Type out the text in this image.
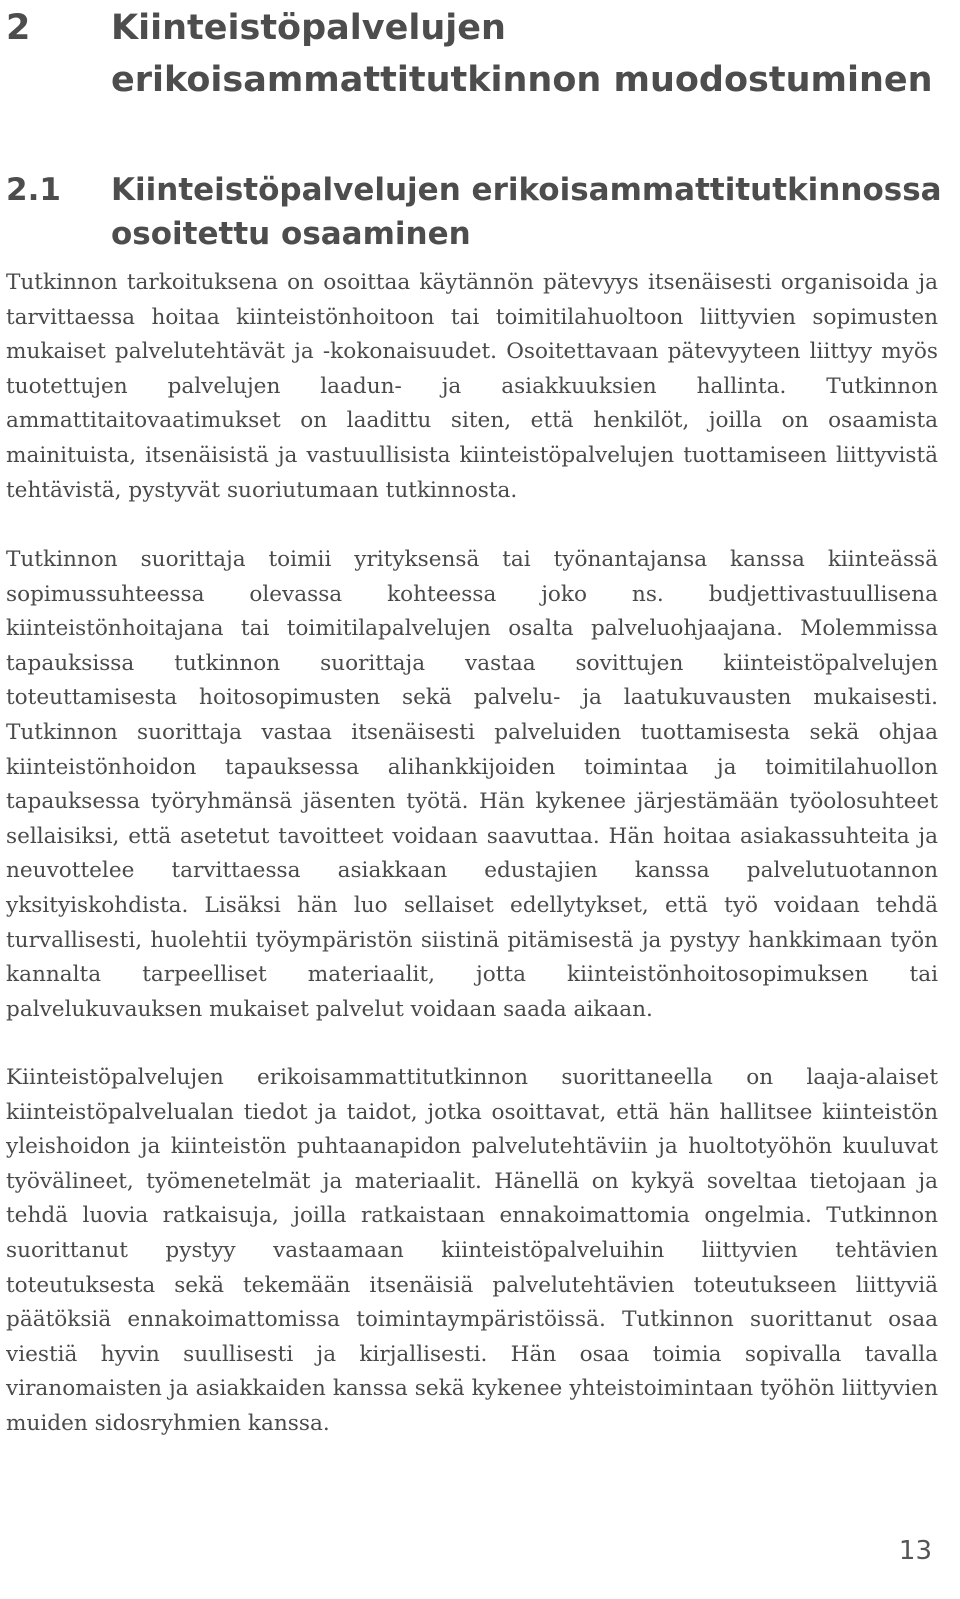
2	Kiinteistöpalvelujen erikoisammattitutkinnon muodostuminen
2.1	Kiinteistöpalvelujen erikoisammattitutkinnossa osoitettu osaaminen

Tutkinnon tarkoituksena on osoittaa käytännön pätevyys itsenäisesti organisoida ja tarvittaessa hoitaa kiinteistönhoitoon tai toimitilahuoltoon liittyvien sopimusten mukaiset palvelutehtävät ja -kokonaisuudet. Osoitettavaan pätevyyteen liittyy myös tuotettujen palvelujen laadun- ja asiakkuuksien hallinta. Tutkinnon ammattitaitovaatimukset on laadittu siten, että henkilöt, joilla on osaamista mainituista, itsenäisistä ja vastuullisista kiinteistöpalvelujen tuottamiseen liittyvistä tehtävistä, pystyvät suoriutumaan tutkinnosta.

Tutkinnon suorittaja toimii yrityksensä tai työnantajansa kanssa kiinteässä sopimussuhteessa olevassa kohteessa joko ns. budjettivastuullisena kiinteistönhoitajana tai toimitilapalvelujen osalta palveluohjaajana. Molemmissa tapauksissa tutkinnon suorittaja vastaa sovittujen kiinteistöpalvelujen toteuttamisesta hoitosopimusten sekä palvelu- ja laatukuvausten mukaisesti. Tutkinnon suorittaja vastaa itsenäisesti palveluiden tuottamisesta sekä ohjaa kiinteistönhoidon tapauksessa alihankkijoiden toimintaa ja toimitilahuollon tapauksessa työryhmänsä jäsenten työtä. Hän kykenee järjestämään työolosuhteet sellaisiksi, että asetetut tavoitteet voidaan saavuttaa. Hän hoitaa asiakassuhteita ja neuvottelee tarvittaessa asiakkaan edustajien kanssa palvelutuotannon yksityiskohdista. Lisäksi hän luo sellaiset edellytykset, että työ voidaan tehdä turvallisesti, huolehtii työympäristön siistinä pitämisestä ja pystyy hankkimaan työn kannalta tarpeelliset materiaalit, jotta kiinteistönhoitosopimuksen tai palvelukuvauksen mukaiset palvelut voidaan saada aikaan.

Kiinteistöpalvelujen erikoisammattitutkinnon suorittaneella on laaja-alaiset kiinteistöpalvelualan tiedot ja taidot, jotka osoittavat, että hän hallitsee kiinteistön yleishoidon ja kiinteistön puhtaanapidon palvelutehtäviin ja huoltotyöhön kuuluvat työvälineet, työmenetelmät ja materiaalit. Hänellä on kykyä soveltaa tietojaan ja tehdä luovia ratkaisuja, joilla ratkaistaan ennakoimattomia ongelmia. Tutkinnon suorittanut pystyy vastaamaan kiinteistöpalveluihin liittyvien tehtävien toteutuksesta sekä tekemään itsenäisiä palvelutehtävien toteutukseen liittyviä päätöksiä ennakoimattomissa toimintaympäristöissä. Tutkinnon suorittanut osaa viestiä hyvin suullisesti ja kirjallisesti. Hän osaa toimia sopivalla tavalla viranomaisten ja asiakkaiden kanssa sekä kykenee yhteistoimintaan työhön liittyvien muiden sidosryhmien kanssa.

13
